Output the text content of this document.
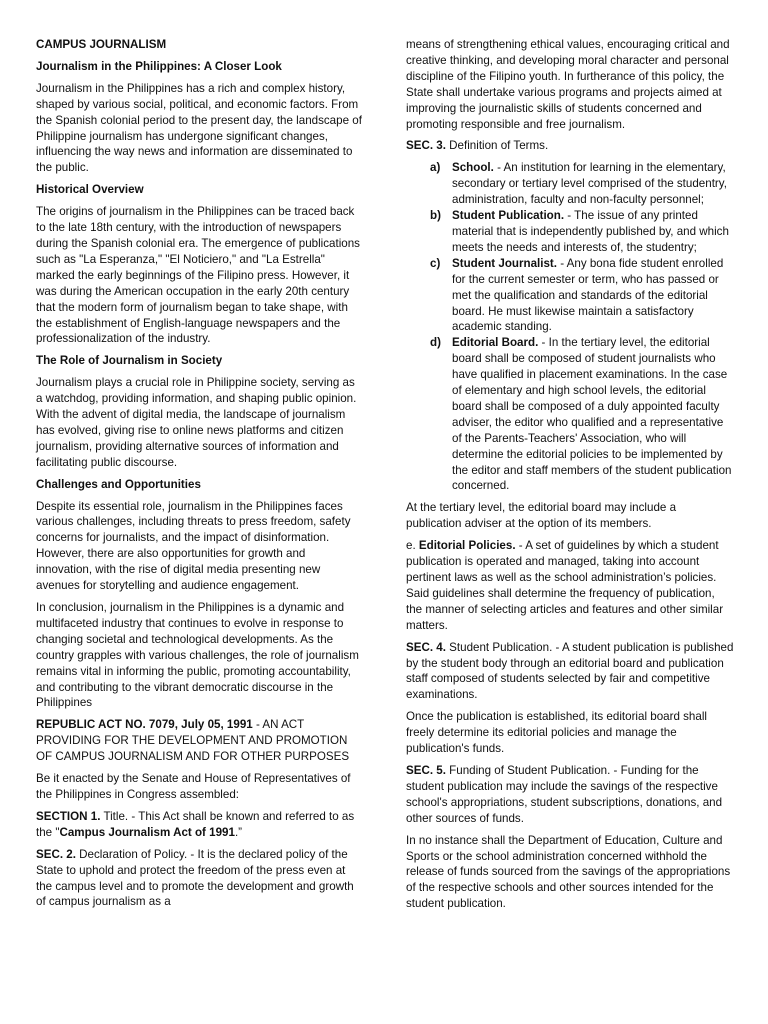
CAMPUS JOURNALISM

Journalism in the Philippines: A Closer Look

Journalism in the Philippines has a rich and complex history, shaped by various social, political, and economic factors. From the Spanish colonial period to the present day, the landscape of Philippine journalism has undergone significant changes, influencing the way news and information are disseminated to the public.

Historical Overview

The origins of journalism in the Philippines can be traced back to the late 18th century, with the introduction of newspapers during the Spanish colonial era. The emergence of publications such as "La Esperanza," "El Noticiero," and "La Estrella" marked the early beginnings of the Filipino press. However, it was during the American occupation in the early 20th century that the modern form of journalism began to take shape, with the establishment of English-language newspapers and the professionalization of the industry.

The Role of Journalism in Society

Journalism plays a crucial role in Philippine society, serving as a watchdog, providing information, and shaping public opinion. With the advent of digital media, the landscape of journalism has evolved, giving rise to online news platforms and citizen journalism, providing alternative sources of information and facilitating public discourse.

Challenges and Opportunities

Despite its essential role, journalism in the Philippines faces various challenges, including threats to press freedom, safety concerns for journalists, and the impact of disinformation. However, there are also opportunities for growth and innovation, with the rise of digital media presenting new avenues for storytelling and audience engagement.

In conclusion, journalism in the Philippines is a dynamic and multifaceted industry that continues to evolve in response to changing societal and technological developments. As the country grapples with various challenges, the role of journalism remains vital in informing the public, promoting accountability, and contributing to the vibrant democratic discourse in the Philippines

REPUBLIC ACT NO. 7079, July 05, 1991 - AN ACT PROVIDING FOR THE DEVELOPMENT AND PROMOTION OF CAMPUS JOURNALISM AND FOR OTHER PURPOSES

Be it enacted by the Senate and House of Representatives of the Philippines in Congress assembled:

SECTION 1. Title. - This Act shall be known and referred to as the "Campus Journalism Act of 1991.”

SEC. 2. Declaration of Policy. - It is the declared policy of the State to uphold and protect the freedom of the press even at the campus level and to promote the development and growth of campus journalism as a

means of strengthening ethical values, encouraging critical and creative thinking, and developing moral character and personal discipline of the Filipino youth. In furtherance of this policy, the State shall undertake various programs and projects aimed at improving the journalistic skills of students concerned and promoting responsible and free journalism.

SEC. 3. Definition of Terms.

a) School. - An institution for learning in the elementary, secondary or tertiary level comprised of the studentry, administration, faculty and non-faculty personnel;
b) Student Publication. - The issue of any printed material that is independently published by, and which meets the needs and interests of, the studentry;
c) Student Journalist. - Any bona fide student enrolled for the current semester or term, who has passed or met the qualification and standards of the editorial board. He must likewise maintain a satisfactory academic standing.
d) Editorial Board. - In the tertiary level, the editorial board shall be composed of student journalists who have qualified in placement examinations. In the case of elementary and high school levels, the editorial board shall be composed of a duly appointed faculty adviser, the editor who qualified and a representative of the Parents-Teachers' Association, who will determine the editorial policies to be implemented by the editor and staff members of the student publication concerned.

At the tertiary level, the editorial board may include a publication adviser at the option of its members.

e. Editorial Policies. - A set of guidelines by which a student publication is operated and managed, taking into account pertinent laws as well as the school administration’s policies. Said guidelines shall determine the frequency of publication, the manner of selecting articles and features and other similar matters.

SEC. 4. Student Publication. - A student publication is published by the student body through an editorial board and publication staff composed of students selected by fair and competitive examinations.

Once the publication is established, its editorial board shall freely determine its editorial policies and manage the publication's funds.

SEC. 5. Funding of Student Publication. - Funding for the student publication may include the savings of the respective school's appropriations, student subscriptions, donations, and other sources of funds.

In no instance shall the Department of Education, Culture and Sports or the school administration concerned withhold the release of funds sourced from the savings of the appropriations of the respective schools and other sources intended for the student publication.
